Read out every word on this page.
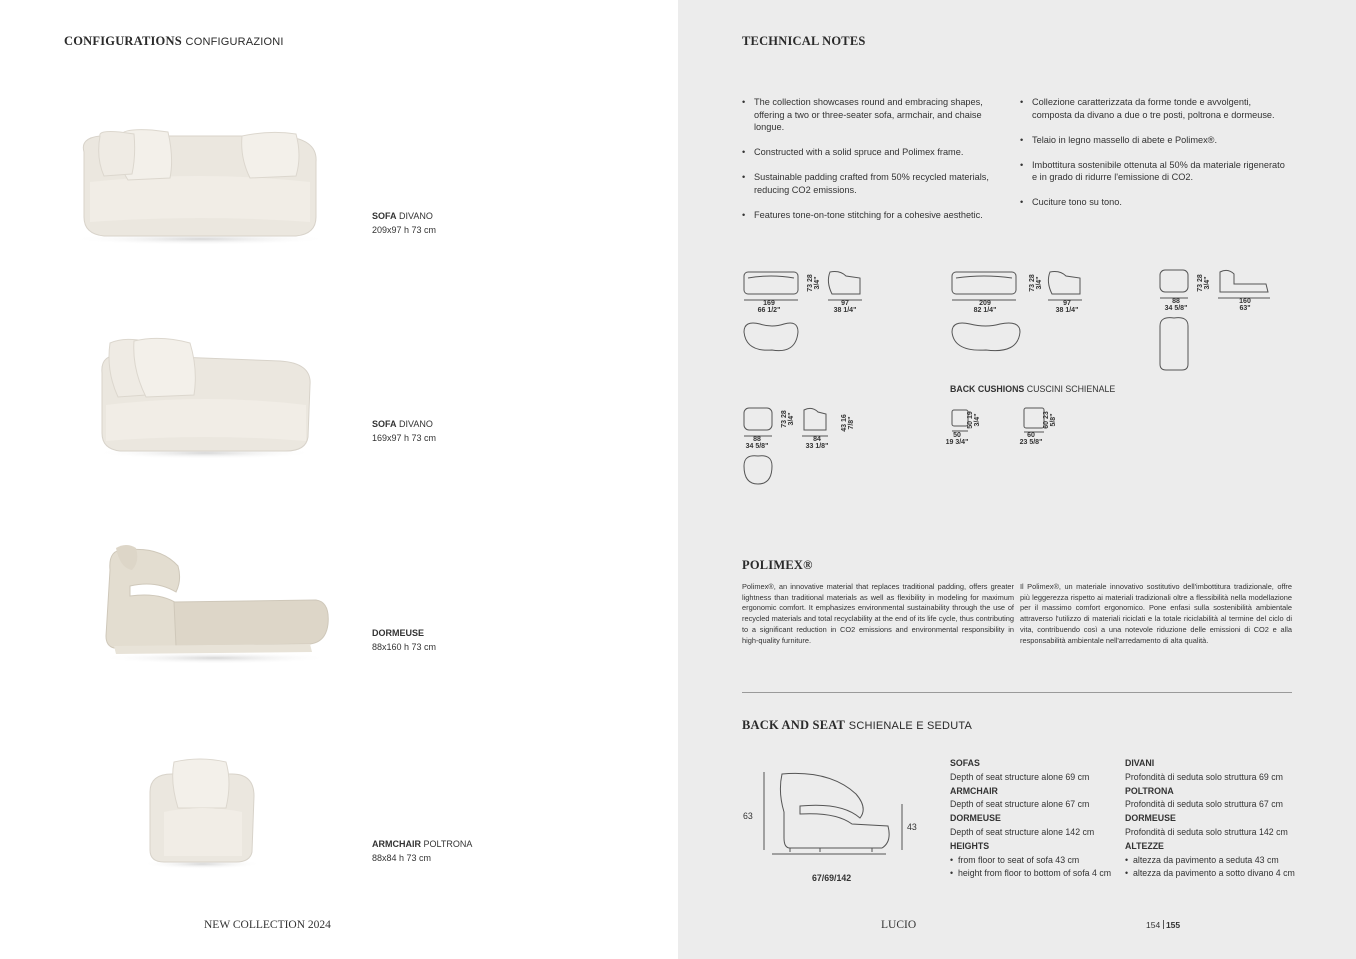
CONFIGURATIONS CONFIGURAZIONI
SOFA DIVANO
209x97 h 73 cm
SOFA DIVANO
169x97 h 73 cm
DORMEUSE
88x160 h 73 cm
ARMCHAIR POLTRONA
88x84 h 73 cm
NEW COLLECTION 2024
TECHNICAL NOTES
• The collection showcases round and embracing shapes, offering a two or three-seater sofa, armchair, and chaise longue.
• Constructed with a solid spruce and Polimex frame.
• Sustainable padding crafted from 50% recycled materials, reducing CO2 emissions.
• Features tone-on-tone stitching for a cohesive aesthetic.
• Collezione caratterizzata da forme tonde e avvolgenti, composta da divano a due o tre posti, poltrona e dormeuse.
• Telaio in legno massello di abete e Polimex®.
• Imbottitura sostenibile ottenuta al 50% da materiale rigenerato e in grado di ridurre l'emissione di CO2.
• Cuciture tono su tono.
169
66 1/2"
97
38 1/4"
73 28 3/4"
209
82 1/4"
97
38 1/4"
73 28 3/4"
88
34 5/8"
160
63"
73 28 3/4"
BACK CUSHIONS CUSCINI SCHIENALE
88
34 5/8"
84
33 1/8"
73 28 3/4"
43 16 7/8"
50
19 3/4"
50 19 3/4"
60
23 5/8"
60 23 5/8"
POLIMEX®
Polimex®, an innovative material that replaces traditional padding, offers greater lightness than traditional materials as well as flexibility in modeling for maximum ergonomic comfort. It emphasizes environmental sustainability through the use of recycled materials and total recyclability at the end of its life cycle, thus contributing to a significant reduction in CO2 emissions and environmental responsibility in high-quality furniture.
Il Polimex®, un materiale innovativo sostitutivo dell'imbottitura tradizionale, offre più leggerezza rispetto ai materiali tradizionali oltre a flessibilità nella modellazione per il massimo comfort ergonomico. Pone enfasi sulla sostenibilità ambientale attraverso l'utilizzo di materiali riciclati e la totale riciclabilità al termine del ciclo di vita, contribuendo così a una notevole riduzione delle emissioni di CO2 e alla responsabilità ambientale nell'arredamento di alta qualità.
BACK AND SEAT SCHIENALE E SEDUTA
63
43
67/69/142
SOFAS
Depth of seat structure alone 69 cm
ARMCHAIR
Depth of seat structure alone 67 cm
DORMEUSE
Depth of seat structure alone 142 cm
HEIGHTS
• from floor to seat of sofa 43 cm
• height from floor to bottom of sofa 4 cm
DIVANI
Profondità di seduta solo struttura 69 cm
POLTRONA
Profondità di seduta solo struttura 67 cm
DORMEUSE
Profondità di seduta solo struttura 142 cm
ALTEZZE
• altezza da pavimento a seduta 43 cm
• altezza da pavimento a sotto divano 4 cm
LUCIO	154 155
